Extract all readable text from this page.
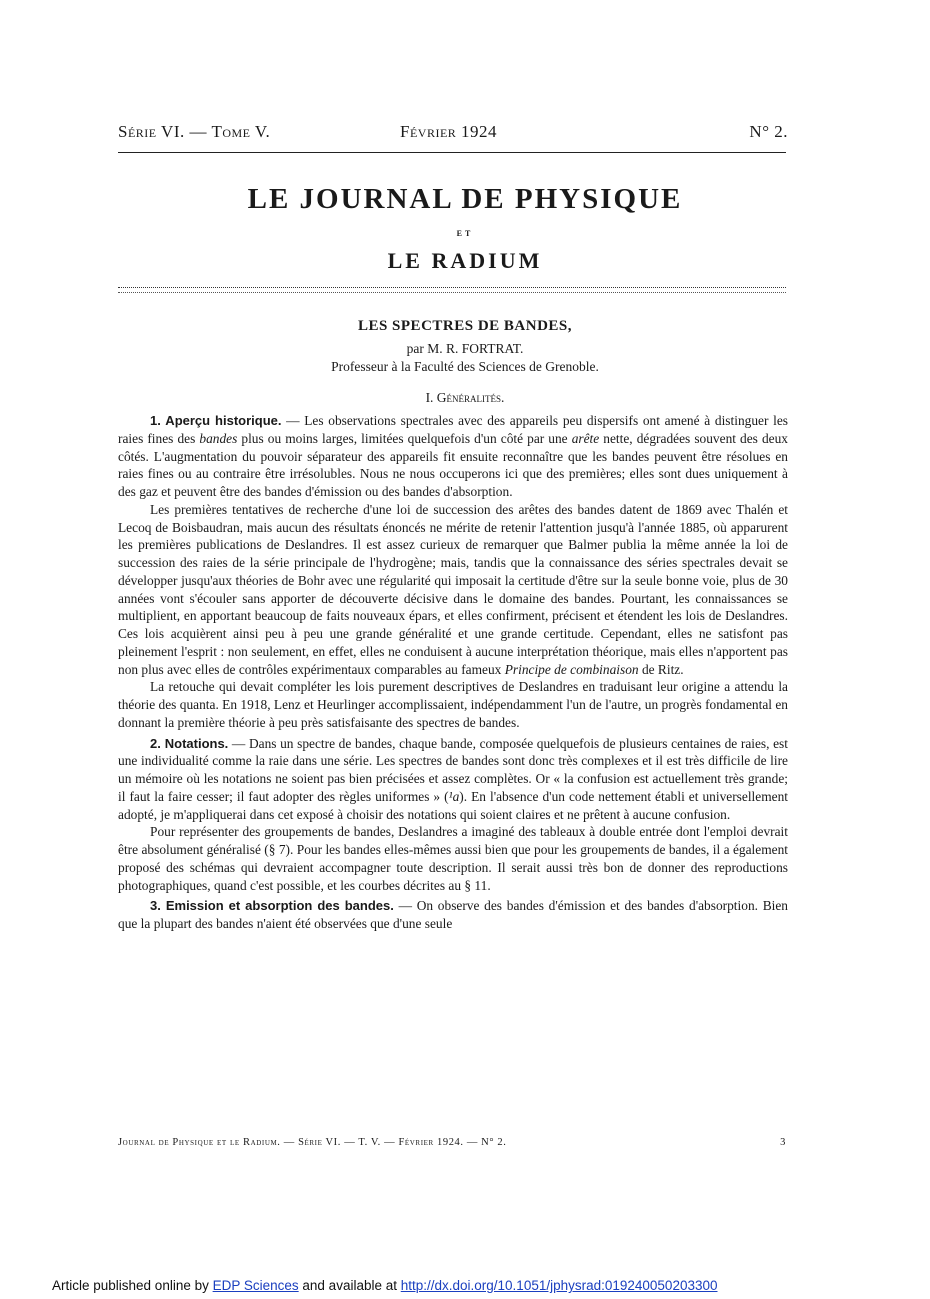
Série VI. — Tome V.	Février 1924	N° 2.
LE JOURNAL DE PHYSIQUE
ET
LE RADIUM
LES SPECTRES DE BANDES,
par M. R. FORTRAT.
Professeur à la Faculté des Sciences de Grenoble.
I. Généralités.

1. Aperçu historique. — Les observations spectrales avec des appareils peu dispersifs ont amené à distinguer les raies fines des bandes plus ou moins larges, limitées quelquefois d'un côté par une arête nette, dégradées souvent des deux côtés. L'augmentation du pouvoir séparateur des appareils fit ensuite reconnaître que les bandes peuvent être résolues en raies fines ou au contraire être irrésolubles. Nous ne nous occuperons ici que des premières; elles sont dues uniquement à des gaz et peuvent être des bandes d'émission ou des bandes d'absorption.

Les premières tentatives de recherche d'une loi de succession des arêtes des bandes datent de 1869 avec Thalén et Lecoq de Boisbaudran, mais aucun des résultats énoncés ne mérite de retenir l'attention jusqu'à l'année 1885, où apparurent les premières publications de Deslandres. Il est assez curieux de remarquer que Balmer publia la même année la loi de succession des raies de la série principale de l'hydrogène; mais, tandis que la connaissance des séries spectrales devait se développer jusqu'aux théories de Bohr avec une régularité qui imposait la certitude d'être sur la seule bonne voie, plus de 30 années vont s'écouler sans apporter de découverte décisive dans le domaine des bandes. Pourtant, les connaissances se multiplient, en apportant beaucoup de faits nouveaux épars, et elles confirment, précisent et étendent les lois de Deslandres. Ces lois acquièrent ainsi peu à peu une grande généralité et une grande certitude. Cependant, elles ne satisfont pas pleinement l'esprit : non seulement, en effet, elles ne conduisent à aucune interprétation théorique, mais elles n'apportent pas non plus avec elles de contrôles expérimentaux comparables au fameux Principe de combinaison de Ritz.

La retouche qui devait compléter les lois purement descriptives de Deslandres en traduisant leur origine a attendu la théorie des quanta. En 1918, Lenz et Heurlinger accomplissaient, indépendamment l'un de l'autre, un progrès fondamental en donnant la première théorie à peu près satisfaisante des spectres de bandes.

2. Notations. — Dans un spectre de bandes, chaque bande, composée quelquefois de plusieurs centaines de raies, est une individualité comme la raie dans une série. Les spectres de bandes sont donc très complexes et il est très difficile de lire un mémoire où les notations ne soient pas bien précisées et assez complètes. Or « la confusion est actuellement très grande; il faut la faire cesser; il faut adopter des règles uniformes » (¹a). En l'absence d'un code nettement établi et universellement adopté, je m'appliquerai dans cet exposé à choisir des notations qui soient claires et ne prêtent à aucune confusion.

Pour représenter des groupements de bandes, Deslandres a imaginé des tableaux à double entrée dont l'emploi devrait être absolument généralisé (§ 7). Pour les bandes elles-mêmes aussi bien que pour les groupements de bandes, il a également proposé des schémas qui devraient accompagner toute description. Il serait aussi très bon de donner des reproductions photographiques, quand c'est possible, et les courbes décrites au § 11.

3. Emission et absorption des bandes. — On observe des bandes d'émission et des bandes d'absorption. Bien que la plupart des bandes n'aient été observées que d'une seule

Journal de Physique et le Radium. — Série VI. — T. V. — Février 1924. — N° 2.	3
Article published online by EDP Sciences and available at http://dx.doi.org/10.1051/jphysrad:019240050203300
